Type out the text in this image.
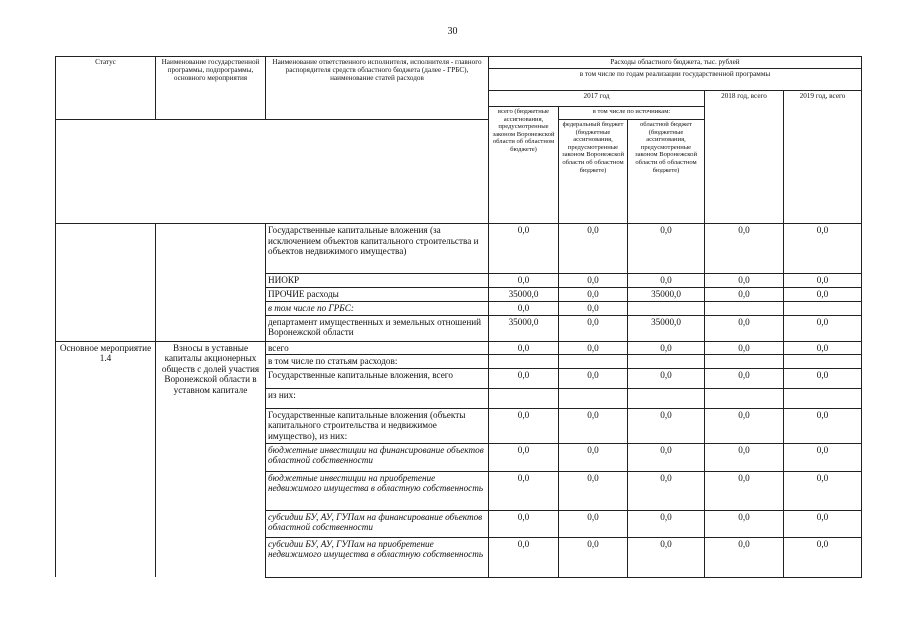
30
Статус	Наименование государственной программы, подпрограммы, основного мероприятия	Наименование ответственного исполнителя, исполнителя - главного распорядителя средств областного бюджета (далее - ГРБС), наименование статей расходов	Расходы областного бюджета, тыс. рублей				
			в том числе по годам реализации государственной программы				
			2017 год			2018 год, всего	2019 год, всего
			всего (бюджетные ассигнования, предусмотренные законом Воронежской области об областном бюджете)	в том числе по источникам:			
				федеральный бюджет (бюджетные ассигнования, предусмотренные законом Воронежской области об областном бюджете)	областной бюджет (бюджетные ассигнования, предусмотренные законом Воронежской области об областном бюджете)		
		Государственные капитальные вложения (за исключением объектов капитального строительства и объектов недвижимого имущества)	0,0	0,0	0,0	0,0	0,0
		НИОКР	0,0	0,0	0,0	0,0	0,0
		ПРОЧИЕ расходы	35000,0	0,0	35000,0	0,0	0,0
		в том числе по ГРБС:	0,0	0,0			
		департамент имущественных и земельных отношений Воронежской области	35000,0	0,0	35000,0	0,0	0,0
Основное мероприятие 1.4	Взносы в уставные капиталы акционерных обществ с долей участия Воронежской области в уставном капитале	всего	0,0	0,0	0,0	0,0	0,0
		в том числе по статьям расходов:					
		Государственные капитальные вложения, всего	0,0	0,0	0,0	0,0	0,0
		из них:					
		Государственные капитальные вложения (объекты капитального строительства и недвижимое имущество), из них:	0,0	0,0	0,0	0,0	0,0
		бюджетные инвестиции на финансирование объектов областной собственности	0,0	0,0	0,0	0,0	0,0
		бюджетные инвестиции на приобретение недвижимого имущества в областную собственность	0,0	0,0	0,0	0,0	0,0
		субсидии БУ, АУ, ГУПам на финансирование объектов областной собственности	0,0	0,0	0,0	0,0	0,0
		субсидии БУ, АУ, ГУПам на приобретение недвижимого имущества в областную собственность	0,0	0,0	0,0	0,0	0,0
